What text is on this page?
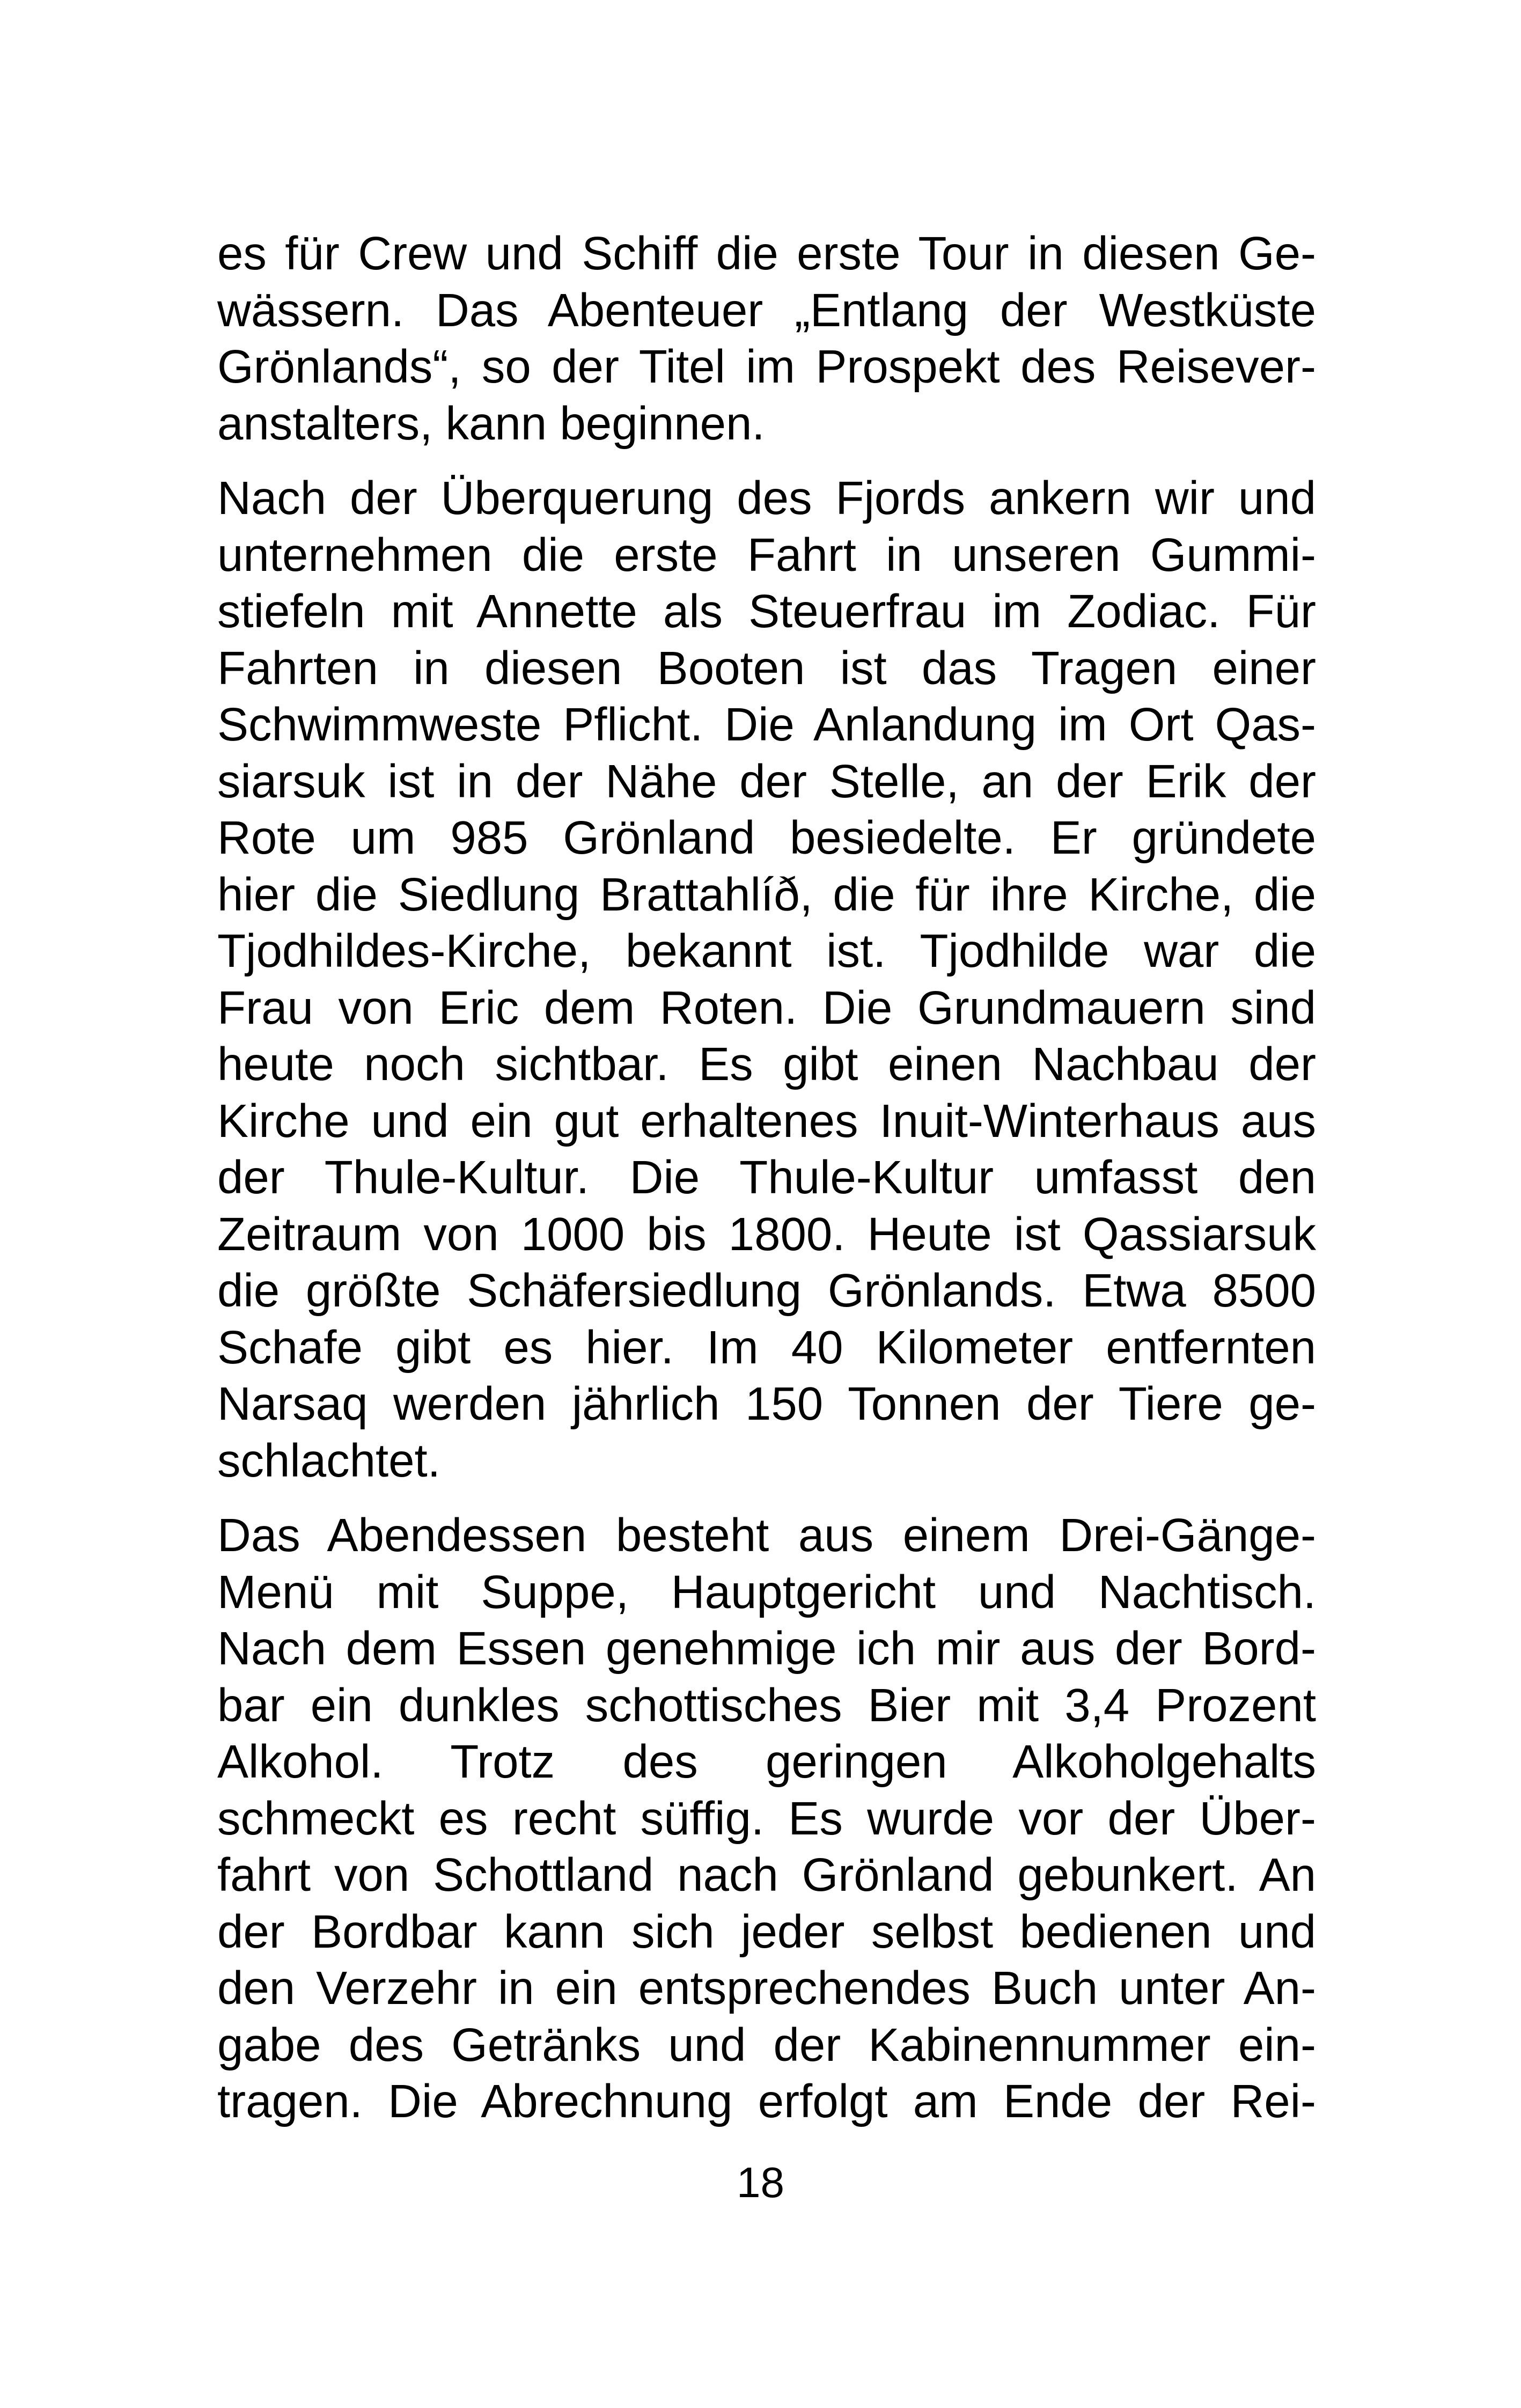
es für Crew und Schiff die erste Tour in diesen Ge-
wässern. Das Abenteuer „Entlang der Westküste
Grönlands“, so der Titel im Prospekt des Reisever-
anstalters, kann beginnen.
Nach der Überquerung des Fjords ankern wir und
unternehmen die erste Fahrt in unseren Gummi-
stiefeln mit Annette als Steuerfrau im Zodiac. Für
Fahrten in diesen Booten ist das Tragen einer
Schwimmweste Pflicht. Die Anlandung im Ort Qas-
siarsuk ist in der Nähe der Stelle, an der Erik der
Rote um 985 Grönland besiedelte. Er gründete
hier die Siedlung Brattahlíð, die für ihre Kirche, die
Tjodhildes-Kirche, bekannt ist. Tjodhilde war die
Frau von Eric dem Roten. Die Grundmauern sind
heute noch sichtbar. Es gibt einen Nachbau der
Kirche und ein gut erhaltenes Inuit-Winterhaus aus
der Thule-Kultur. Die Thule-Kultur umfasst den
Zeitraum von 1000 bis 1800. Heute ist Qassiarsuk
die größte Schäfersiedlung Grönlands. Etwa 8500
Schafe gibt es hier. Im 40 Kilometer entfernten
Narsaq werden jährlich 150 Tonnen der Tiere ge-
schlachtet.
Das Abendessen besteht aus einem Drei-Gänge-
Menü mit Suppe, Hauptgericht und Nachtisch.
Nach dem Essen genehmige ich mir aus der Bord-
bar ein dunkles schottisches Bier mit 3,4 Prozent
Alkohol. Trotz des geringen Alkoholgehalts
schmeckt es recht süffig. Es wurde vor der Über-
fahrt von Schottland nach Grönland gebunkert. An
der Bordbar kann sich jeder selbst bedienen und
den Verzehr in ein entsprechendes Buch unter An-
gabe des Getränks und der Kabinennummer ein-
tragen. Die Abrechnung erfolgt am Ende der Rei-
18
